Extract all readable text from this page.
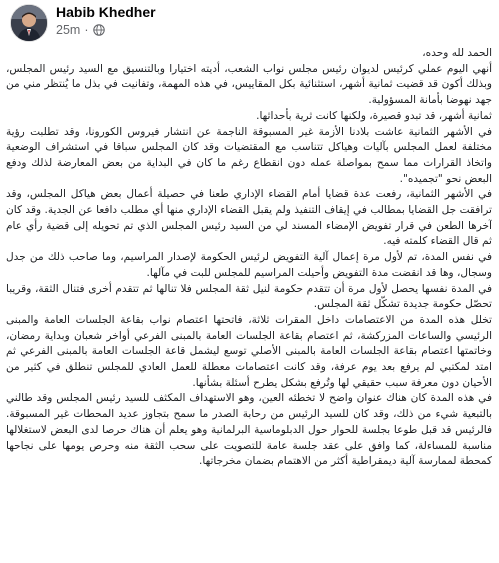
Habib Khedher
25m ·

الحمد لله وحده،

أنهي اليوم عملي كرئيس لديوان رئيس مجلس نواب الشعب، أديته اختيارا وبالتنسيق مع السيد رئيس المجلس، وبذلك أكون قد قضيت ثمانية أشهر، استثنائية بكل المقاييس، في هذه المهمة، وتفانيت في بذل ما يُنتظر مني من جهد نهوضا بأمانة المسؤولية.

ثمانية أشهر، قد تبدو قصيرة، ولكنها كانت ثرية بأحداثها.

في الأشهر الثمانية عاشت بلادنا الأزمة غير المسبوقة الناجمة عن انتشار فيروس الكورونا، وقد تطلبت رؤية مختلفة لعمل المجلس بآليات وهياكل تتناسب مع المقتضيات وقد كان المجلس سباقا في استشراف الوضعية واتخاذ القرارات مما سمح بمواصلة عمله دون انقطاع رغم ما كان في البداية من بعض المعارضة لذلك ودفع البعض نحو "تجميده".

في الأشهر الثمانية، رفعت عدة قضايا أمام القضاء الإداري طعنا في حصيلة أعمال بعض هياكل المجلس، وقد ترافقت جل القضايا بمطالب في إيقاف التنفيذ ولم يقبل القضاء الإداري منها أي مطلب دافعا عن الجدية. وقد كان آخرها الطعن في قرار تفويض الإمضاء المسند لي من السيد رئيس المجلس الذي تم تحويله إلى قضية رأي عام ثم قال القضاء كلمته فيه.

في نفس المدة، تم لأول مرة إعمال آلية التفويض لرئيس الحكومة لإصدار المراسيم، وما صاحب ذلك من جدل وسجال، وها قد انقضت مدة التفويض وأحيلت المراسيم للمجلس للبت في مآلها.

في المدة نفسها يحصل لأول مرة أن تتقدم حكومة لنيل ثقة المجلس فلا تنالها ثم تتقدم أخرى فتنال الثقة، وقريبا تحصّل حكومة جديدة تشكّل ثقة المجلس.

تخلل هذه المدة من الاعتصامات داخل المقرات ثلاثة، فاتحتها اعتصام نواب بقاعة الجلسات العامة والمبنى الرئيسي والساعات المزركشة، ثم اعتصام بقاعة الجلسات العامة بالمبنى الفرعي أواخر شعبان وبداية رمضان، وخاتمتها اعتصام بقاعة الجلسات العامة بالمبنى الأصلي توسع ليشمل قاعة الجلسات العامة بالمبنى الفرعي ثم امتد لمكتبي لم يرفع بعد يوم عرفة، وقد كانت اعتصامات معطلة للعمل العادي للمجلس تنطلق في كثير من الأحيان دون معرفة سبب حقيقي لها وتُرفع بشكل يطرح أسئلة بشأنها.

في هذه المدة كان هناك عنوان واضح لا تخطئه العين، وهو الاستهداف المكثف للسيد رئيس المجلس وقد طالني بالتبعية شيء من ذلك، وقد كان للسيد الرئيس من رحابة الصدر ما سمح بتجاوز عديد المحطات غير المسبوقة. فالرئيس قد قبل طوعا بجلسة للحوار حول الدبلوماسية البرلمانية وهو يعلم أن هناك حرصا لدى البعض لاستغلالها مناسبة للمساءلة، كما وافق على عقد جلسة عامة للتصويت على سحب الثقة منه وحرص يومها على نجاحها كمحطة لممارسة آلية ديمقراطية أكثر من الاهتمام بضمان مخرجاتها.
